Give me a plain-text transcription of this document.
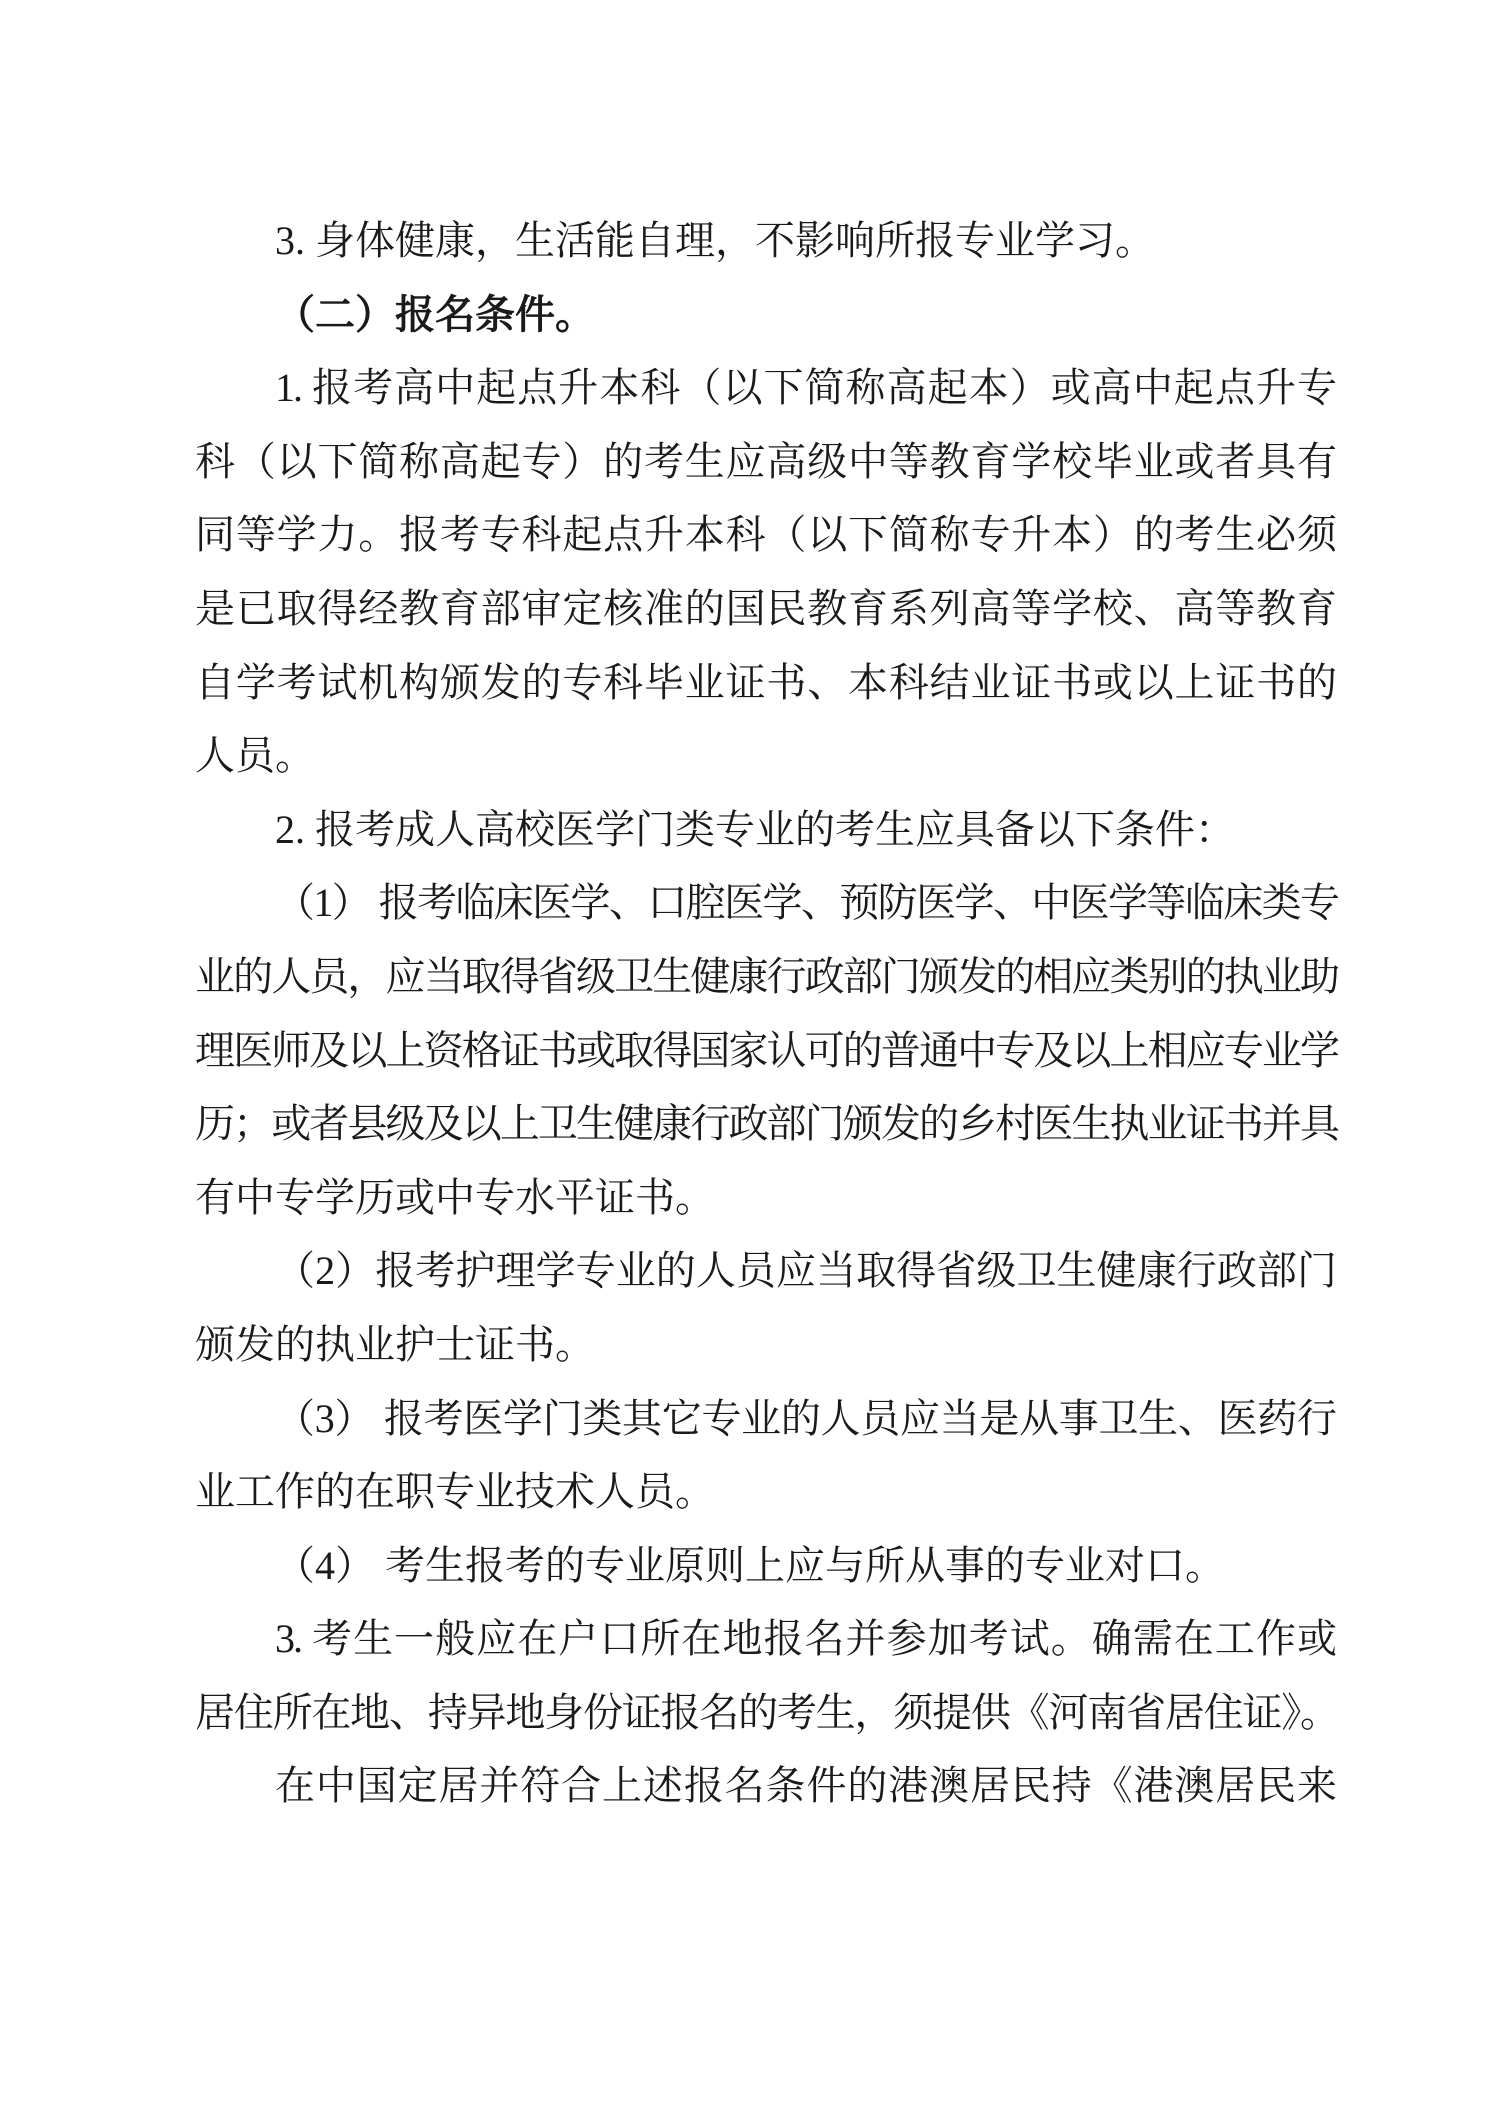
3. 身体健康，生活能自理，不影响所报专业学习。
（二）报名条件。
1. 报考高中起点升本科（以下简称高起本）或高中起点升专
科（以下简称高起专）的考生应高级中等教育学校毕业或者具有
同等学力。报考专科起点升本科（以下简称专升本）的考生必须
是已取得经教育部审定核准的国民教育系列高等学校、高等教育
自学考试机构颁发的专科毕业证书、本科结业证书或以上证书的
人员。
2. 报考成人高校医学门类专业的考生应具备以下条件：
（1） 报考临床医学、口腔医学、预防医学、中医学等临床类专
业的人员，应当取得省级卫生健康行政部门颁发的相应类别的执业助
理医师及以上资格证书或取得国家认可的普通中专及以上相应专业学
历；或者县级及以上卫生健康行政部门颁发的乡村医生执业证书并具
有中专学历或中专水平证书。
（2）报考护理学专业的人员应当取得省级卫生健康行政部门
颁发的执业护士证书。
（3） 报考医学门类其它专业的人员应当是从事卫生、医药行
业工作的在职专业技术人员。
（4） 考生报考的专业原则上应与所从事的专业对口。
3. 考生一般应在户口所在地报名并参加考试。确需在工作或
居住所在地、持异地身份证报名的考生，须提供《河南省居住证》。
在中国定居并符合上述报名条件的港澳居民持《港澳居民来
